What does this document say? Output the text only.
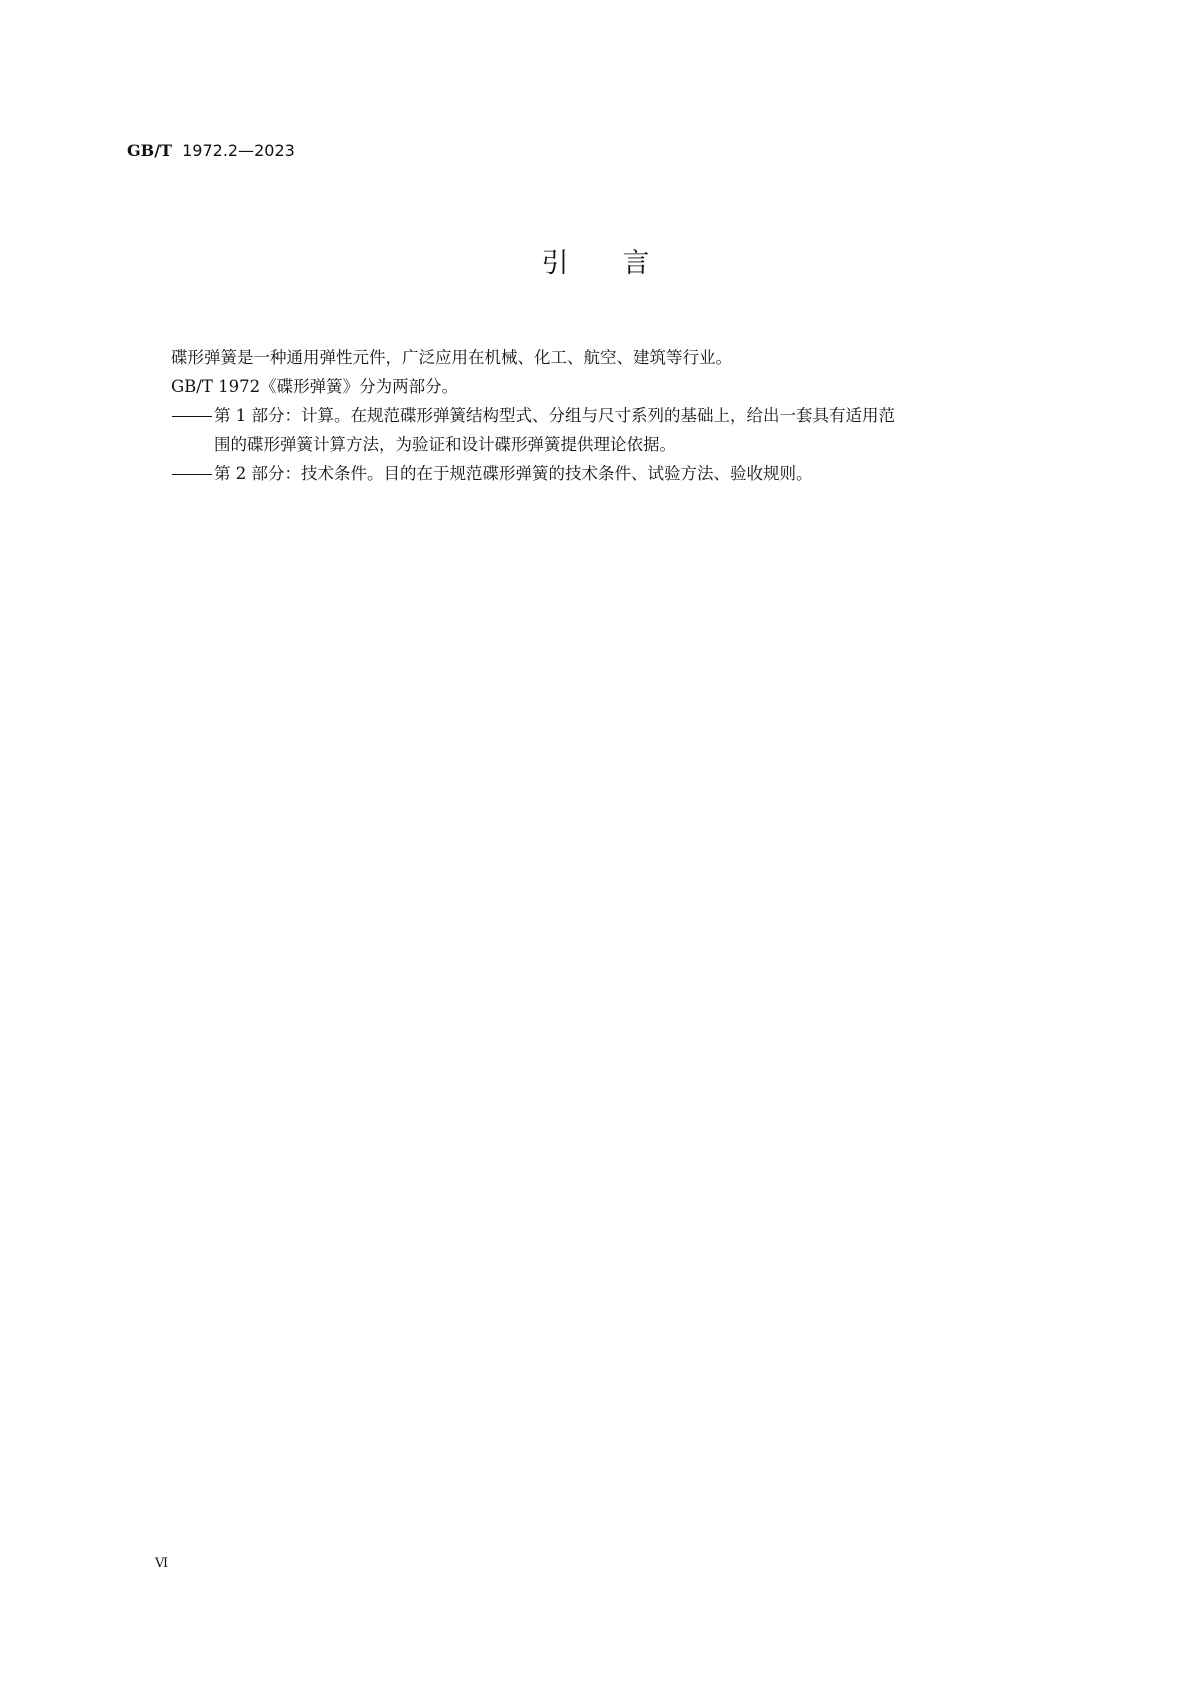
GB/T 1972.2—2023
引言
碟形弹簧是一种通用弹性元件，广泛应用在机械、化工、航空、建筑等行业。
GB/T 1972《碟形弹簧》分为两部分。
第 1 部分：计算。在规范碟形弹簧结构型式、分组与尺寸系列的基础上，给出一套具有适用范
围的碟形弹簧计算方法，为验证和设计碟形弹簧提供理论依据。
第 2 部分：技术条件。目的在于规范碟形弹簧的技术条件、试验方法、验收规则。
Ⅵ
